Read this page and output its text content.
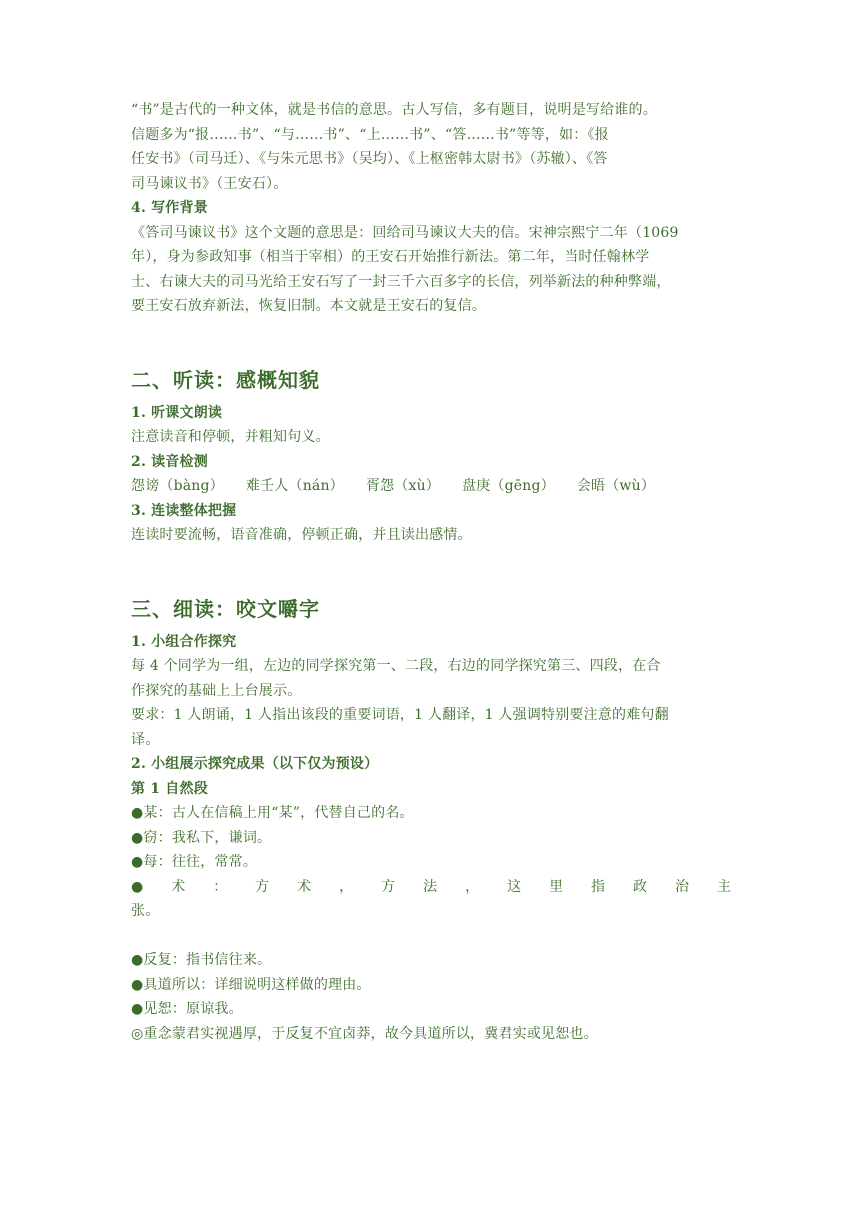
“书”是古代的一种文体，就是书信的意思。古人写信，多有题目，说明是写给谁的。
信题多为“报……书”、“与……书”、“上……书”、“答……书”等等，如：《报
任安书》（司马迁）、《与朱元思书》（吴均）、《上枢密韩太尉书》（苏辙）、《答
司马谏议书》（王安石）。
4. 写作背景
《答司马谏议书》这个文题的意思是：回给司马谏议大夫的信。宋神宗熙宁二年（1069
年），身为参政知事（相当于宰相）的王安石开始推行新法。第二年，当时任翰林学
士、右谏大夫的司马光给王安石写了一封三千六百多字的长信，列举新法的种种弊端，
要王安石放弃新法，恢复旧制。本文就是王安石的复信。
二、听读：感概知貌
1. 听课文朗读
注意读音和停顿，并粗知句义。
2. 读音检测
怨谤（bàng） 难壬人（nán） 胥怨（xù） 盘庚（gēng） 会晤（wù）
3. 连读整体把握
连读时要流畅，语音准确，停顿正确，并且读出感情。
三、细读：咬文嚼字
1. 小组合作探究
每 4 个同学为一组，左边的同学探究第一、二段，右边的同学探究第三、四段，在合
作探究的基础上上台展示。
要求：1 人朗诵，1 人指出该段的重要词语，1 人翻译，1 人强调特别要注意的难句翻
译。
2. 小组展示探究成果（以下仅为预设）
第 1 自然段
●某：古人在信稿上用“某”，代替自己的名。
●窃：我私下，谦词。
●每：往往，常常。
● 术 ： 方 术 ， 方 法 ， 这 里 指 政 治 主
张。
●反复：指书信往来。
●具道所以：详细说明这样做的理由。
●见恕：原谅我。
◎重念蒙君实视遇厚，于反复不宜卤莽，故今具道所以，冀君实或见恕也。
